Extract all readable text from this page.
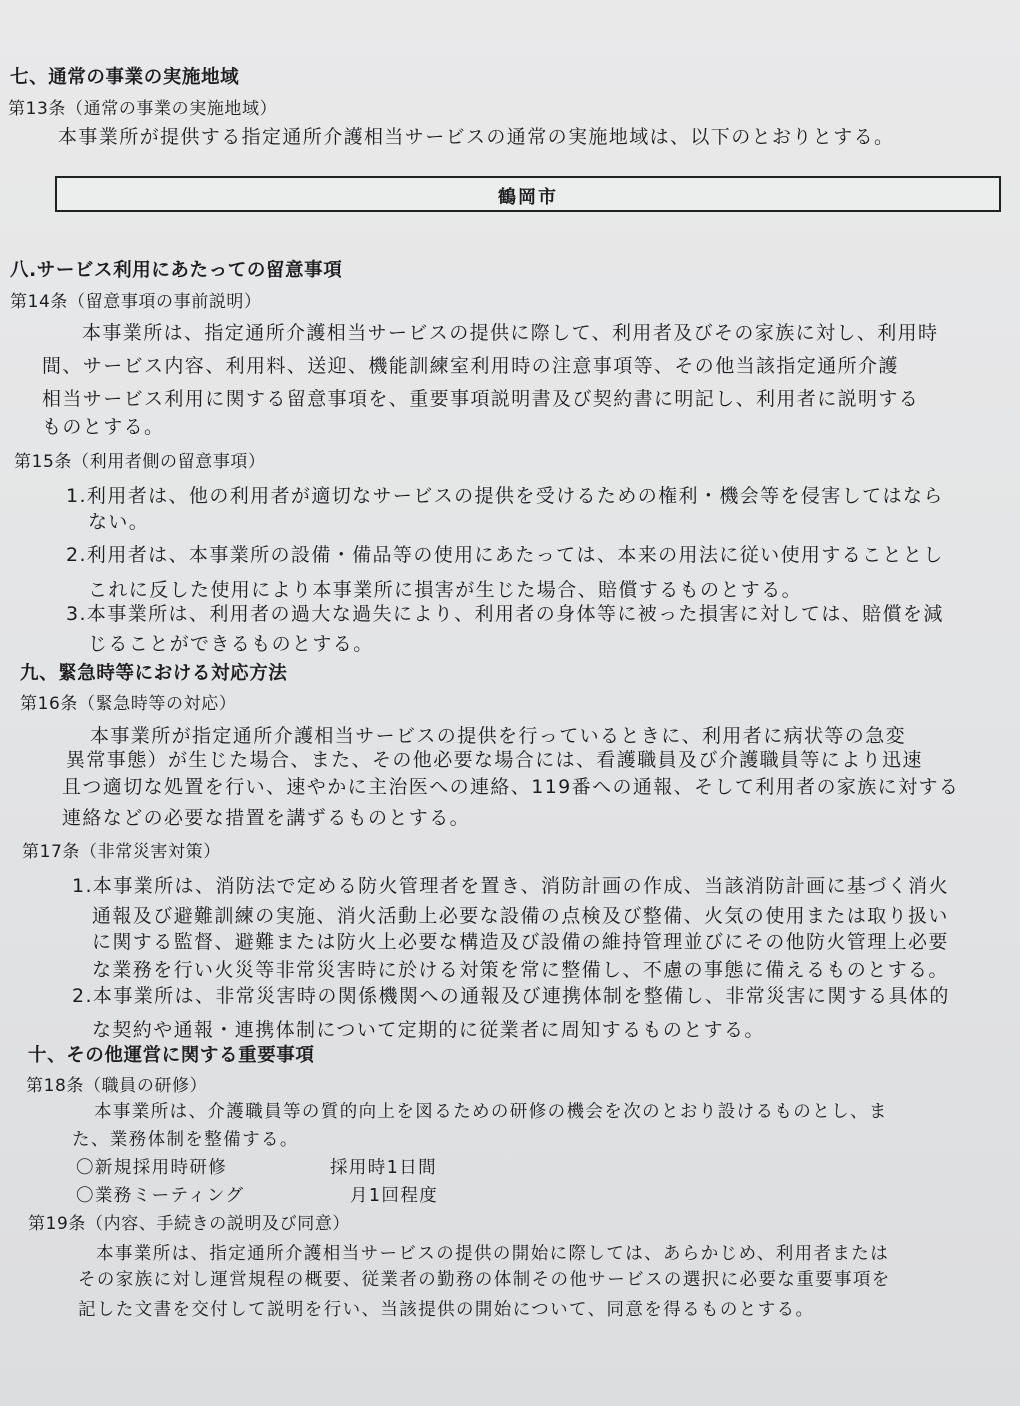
七、通常の事業の実施地域
第13条（通常の事業の実施地域）
本事業所が提供する指定通所介護相当サービスの通常の実施地域は、以下のとおりとする。
鶴岡市
八.サービス利用にあたっての留意事項
第14条（留意事項の事前説明）
本事業所は、指定通所介護相当サービスの提供に際して、利用者及びその家族に対し、利用時
間、サービス内容、利用料、送迎、機能訓練室利用時の注意事項等、その他当該指定通所介護
相当サービス利用に関する留意事項を、重要事項説明書及び契約書に明記し、利用者に説明する
ものとする。
第15条（利用者側の留意事項）
1.利用者は、他の利用者が適切なサービスの提供を受けるための権利・機会等を侵害してはなら
ない。
2.利用者は、本事業所の設備・備品等の使用にあたっては、本来の用法に従い使用することとし
これに反した使用により本事業所に損害が生じた場合、賠償するものとする。
3.本事業所は、利用者の過大な過失により、利用者の身体等に被った損害に対しては、賠償を減
じることができるものとする。
九、緊急時等における対応方法
第16条（緊急時等の対応）
本事業所が指定通所介護相当サービスの提供を行っているときに、利用者に病状等の急変
異常事態）が生じた場合、また、その他必要な場合には、看護職員及び介護職員等により迅速
且つ適切な処置を行い、速やかに主治医への連絡、119番への通報、そして利用者の家族に対する
連絡などの必要な措置を講ずるものとする。
第17条（非常災害対策）
1.本事業所は、消防法で定める防火管理者を置き、消防計画の作成、当該消防計画に基づく消火
通報及び避難訓練の実施、消火活動上必要な設備の点検及び整備、火気の使用または取り扱い
に関する監督、避難または防火上必要な構造及び設備の維持管理並びにその他防火管理上必要
な業務を行い火災等非常災害時に於ける対策を常に整備し、不慮の事態に備えるものとする。
2.本事業所は、非常災害時の関係機関への通報及び連携体制を整備し、非常災害に関する具体的
な契約や通報・連携体制について定期的に従業者に周知するものとする。
十、その他運営に関する重要事項
第18条（職員の研修）
本事業所は、介護職員等の質的向上を図るための研修の機会を次のとおり設けるものとし、ま
た、業務体制を整備する。
〇新規採用時研修	採用時1日間
〇業務ミーティング	月1回程度
第19条（内容、手続きの説明及び同意）
本事業所は、指定通所介護相当サービスの提供の開始に際しては、あらかじめ、利用者または
その家族に対し運営規程の概要、従業者の勤務の体制その他サービスの選択に必要な重要事項を
記した文書を交付して説明を行い、当該提供の開始について、同意を得るものとする。
